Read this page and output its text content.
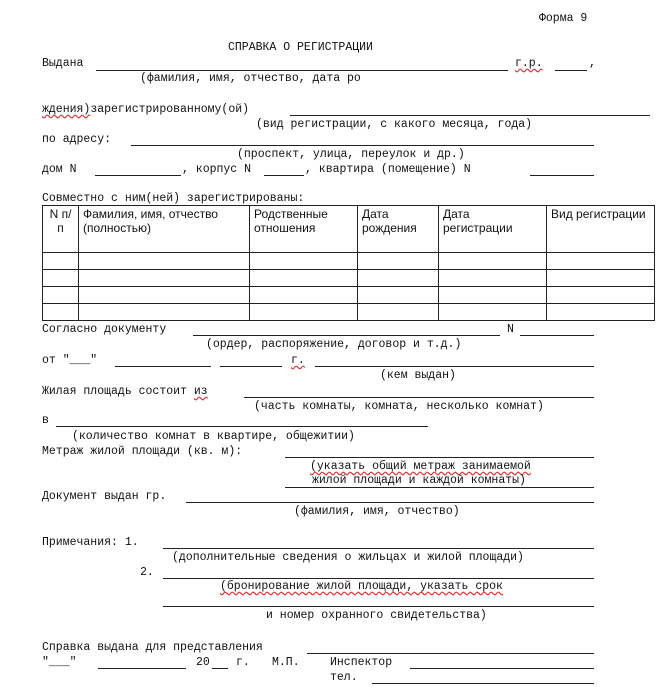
Форма 9
СПРАВКА О РЕГИСТРАЦИИ
Выдана	г.р.	,
(фамилия, имя, отчество, дата ро
ждения)зарегистрированному(ой)
(вид регистрации, с какого месяца, года)
по адресу:
(проспект, улица, переулок и др.)
дом N	, корпус N	, квартира (помещение) N
Совместно с ним(ней) зарегистрированы:
N п/п	Фамилия, имя, отчество (полностью)	Родственные отношения	Дата рождения	Дата регистрации	Вид регистрации

Согласно документу	N
(ордер, распоряжение, договор и т.д.)
от "___"	г.
(кем выдан)
Жилая площадь состоит из
(часть комнаты, комната, несколько комнат)
в
(количество комнат в квартире, общежитии)
Метраж жилой площади (кв. м):
(указать общий метраж занимаемой
жилой площади и каждой комнаты)
Документ выдан гр.
(фамилия, имя, отчество)
Примечания: 1.
(дополнительные сведения о жильцах и жилой площади)
2.
(бронирование жилой площади, указать срок
и номер охранного свидетельства)
Справка выдана для представления
"___"	20 г. М.П.	Инспектор
тел.
